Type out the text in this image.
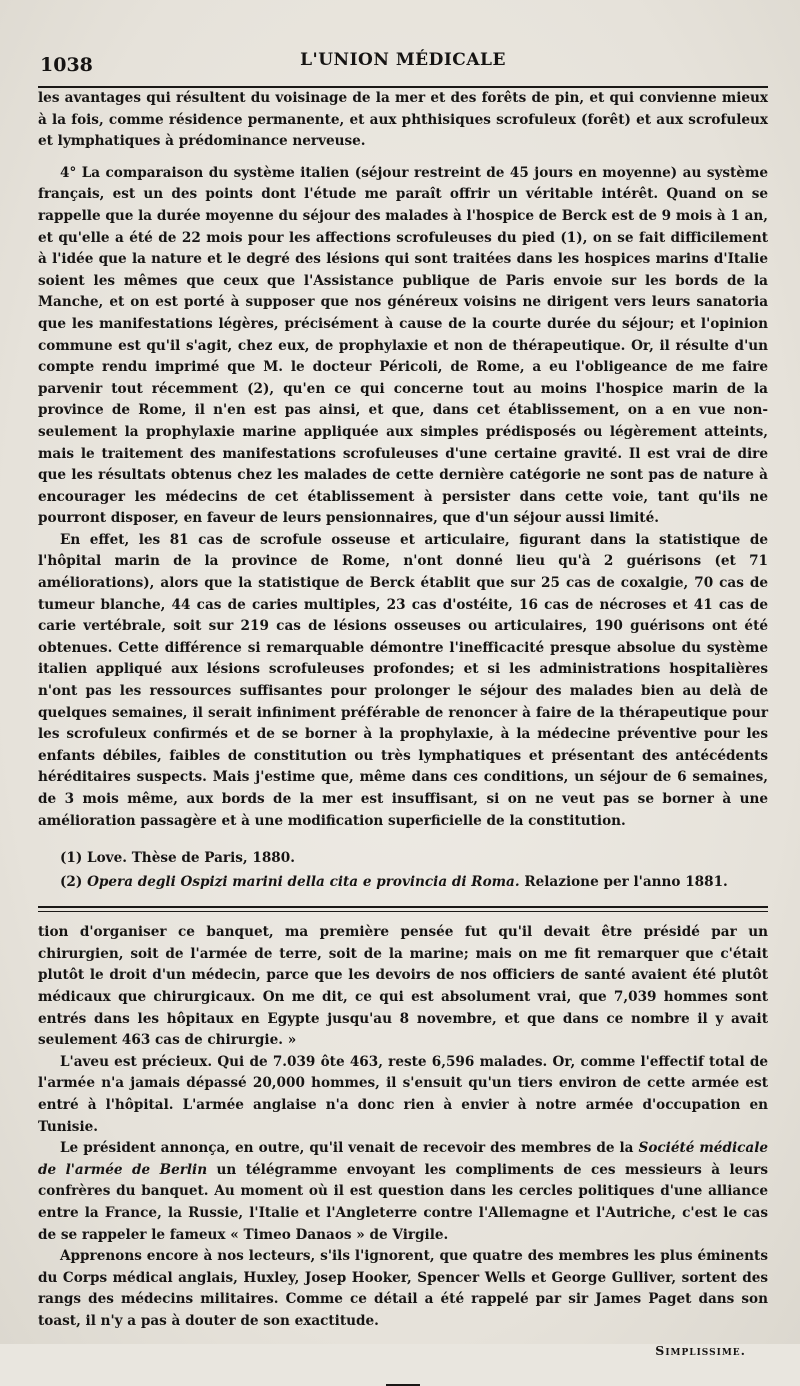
1038	L'UNION MÉDICALE

les avantages qui résultent du voisinage de la mer et des forêts de pin, et qui convienne mieux à la fois, comme résidence permanente, et aux phthisiques scrofuleux (forêt) et aux scrofuleux et lymphatiques à prédominance nerveuse.

4° La comparaison du système italien (séjour restreint de 45 jours en moyenne) au système français, est un des points dont l'étude me paraît offrir un véritable intérêt. Quand on se rappelle que la durée moyenne du séjour des malades à l'hospice de Berck est de 9 mois à 1 an, et qu'elle a été de 22 mois pour les affections scrofuleuses du pied (1), on se fait difficilement à l'idée que la nature et le degré des lésions qui sont traitées dans les hospices marins d'Italie soient les mêmes que ceux que l'Assistance publique de Paris envoie sur les bords de la Manche, et on est porté à supposer que nos généreux voisins ne dirigent vers leurs sanatoria que les manifestations légères, précisément à cause de la courte durée du séjour; et l'opinion commune est qu'il s'agit, chez eux, de prophylaxie et non de thérapeutique. Or, il résulte d'un compte rendu imprimé que M. le docteur Péricoli, de Rome, a eu l'obligeance de me faire parvenir tout récemment (2), qu'en ce qui concerne tout au moins l'hospice marin de la province de Rome, il n'en est pas ainsi, et que, dans cet établissement, on a en vue non-seulement la prophylaxie marine appliquée aux simples prédisposés ou légèrement atteints, mais le traitement des manifestations scrofuleuses d'une certaine gravité. Il est vrai de dire que les résultats obtenus chez les malades de cette dernière catégorie ne sont pas de nature à encourager les médecins de cet établissement à persister dans cette voie, tant qu'ils ne pourront disposer, en faveur de leurs pensionnaires, que d'un séjour aussi limité.

En effet, les 81 cas de scrofule osseuse et articulaire, figurant dans la statistique de l'hôpital marin de la province de Rome, n'ont donné lieu qu'à 2 guérisons (et 71 améliorations), alors que la statistique de Berck établit que sur 25 cas de coxalgie, 70 cas de tumeur blanche, 44 cas de caries multiples, 23 cas d'ostéite, 16 cas de nécroses et 41 cas de carie vertébrale, soit sur 219 cas de lésions osseuses ou articulaires, 190 guérisons ont été obtenues. Cette différence si remarquable démontre l'inefficacité presque absolue du système italien appliqué aux lésions scrofuleuses profondes; et si les administrations hospitalières n'ont pas les ressources suffisantes pour prolonger le séjour des malades bien au delà de quelques semaines, il serait infiniment préférable de renoncer à faire de la thérapeutique pour les scrofuleux confirmés et de se borner à la prophylaxie, à la médecine préventive pour les enfants débiles, faibles de constitution ou très lymphatiques et présentant des antécédents héréditaires suspects. Mais j'estime que, même dans ces conditions, un séjour de 6 semaines, de 3 mois même, aux bords de la mer est insuffisant, si on ne veut pas se borner à une amélioration passagère et à une modification superficielle de la constitution.

(1) Love. Thèse de Paris, 1880.

(2) Opera degli Ospizi marini della cita e provincia di Roma. Relazione per l'anno 1881.

tion d'organiser ce banquet, ma première pensée fut qu'il devait être présidé par un chirurgien, soit de l'armée de terre, soit de la marine; mais on me fit remarquer que c'était plutôt le droit d'un médecin, parce que les devoirs de nos officiers de santé avaient été plutôt médicaux que chirurgicaux. On me dit, ce qui est absolument vrai, que 7,039 hommes sont entrés dans les hôpitaux en Egypte jusqu'au 8 novembre, et que dans ce nombre il y avait seulement 463 cas de chirurgie. »

L'aveu est précieux. Qui de 7.039 ôte 463, reste 6,596 malades. Or, comme l'effectif total de l'armée n'a jamais dépassé 20,000 hommes, il s'ensuit qu'un tiers environ de cette armée est entré à l'hôpital. L'armée anglaise n'a donc rien à envier à notre armée d'occupation en Tunisie.

Le président annonça, en outre, qu'il venait de recevoir des membres de la Société médicale de l'armée de Berlin un télégramme envoyant les compliments de ces messieurs à leurs confrères du banquet. Au moment où il est question dans les cercles politiques d'une alliance entre la France, la Russie, l'Italie et l'Angleterre contre l'Allemagne et l'Autriche, c'est le cas de se rappeler le fameux « Timeo Danaos » de Virgile.

Apprenons encore à nos lecteurs, s'ils l'ignorent, que quatre des membres les plus éminents du Corps médical anglais, Huxley, Josep Hooker, Spencer Wells et George Gulliver, sortent des rangs des médecins militaires. Comme ce détail a été rappelé par sir James Paget dans son toast, il n'y a pas à douter de son exactitude.

Simplissime.
